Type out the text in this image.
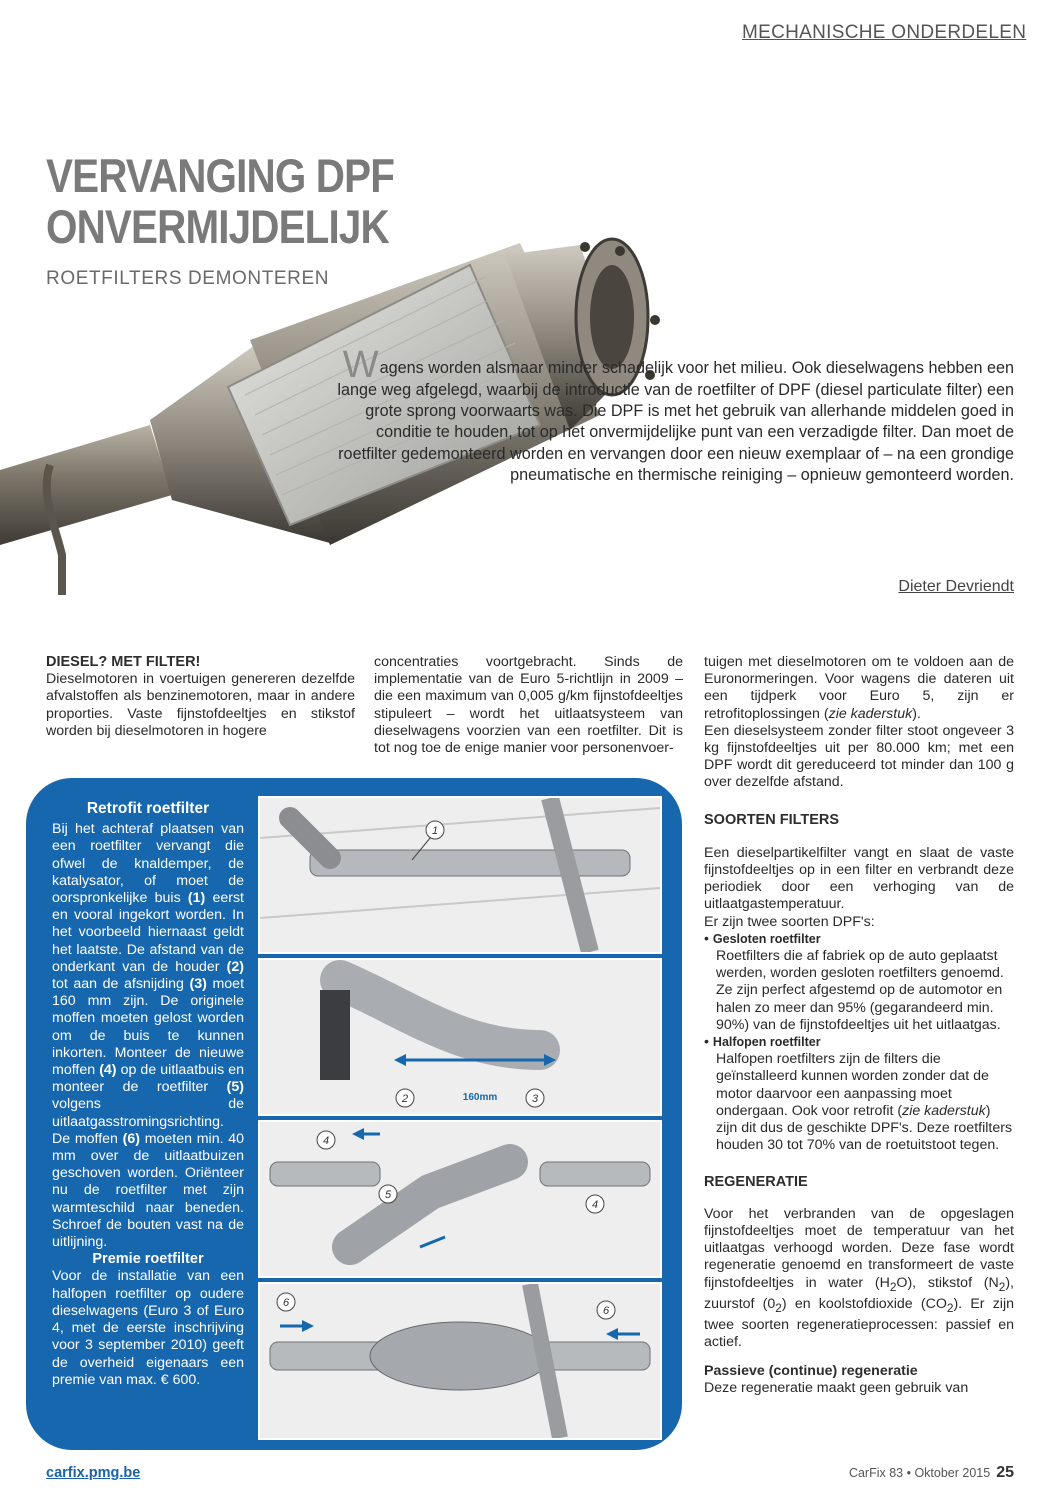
MECHANISCHE ONDERDELEN
VERVANGING DPF
ONVERMIJDELIJK
ROETFILTERS DEMONTEREN
Wagens worden alsmaar minder schadelijk voor het milieu. Ook dieselwagens hebben een lange weg afgelegd, waarbij de introductie van de roetfilter of DPF (diesel particulate filter) een grote sprong voorwaarts was. Die DPF is met het gebruik van allerhande middelen goed in conditie te houden, tot op het onvermijdelijke punt van een verzadigde filter. Dan moet de roetfilter gedemonteerd worden en vervangen door een nieuw exemplaar of – na een grondige pneumatische en thermische reiniging – opnieuw gemonteerd worden.
Dieter Devriendt

DIESEL? MET FILTER!

Dieselmotoren in voertuigen genereren dezelfde afvalstoffen als benzinemotoren, maar in andere proporties. Vaste fijnstofdeeltjes en stikstof worden bij dieselmotoren in hogere

concentraties voortgebracht. Sinds de implementatie van de Euro 5-richtlijn in 2009 – die een maximum van 0,005 g/km fijnstofdeeltjes stipuleert – wordt het uitlaatsysteem van dieselwagens voorzien van een roetfilter. Dit is tot nog toe de enige manier voor personenvoer-

tuigen met dieselmotoren om te voldoen aan de Euronormeringen. Voor wagens die dateren uit een tijdperk voor Euro 5, zijn er retrofitoplossingen (zie kaderstuk).

Een dieselsysteem zonder filter stoot ongeveer 3 kg fijnstofdeeltjes uit per 80.000 km; met een DPF wordt dit gereduceerd tot minder dan 100 g over dezelfde afstand.

SOORTEN FILTERS

Een dieselpartikelfilter vangt en slaat de vaste fijnstofdeeltjes op in een filter en verbrandt deze periodiek door een verhoging van de uitlaatgastemperatuur.

Er zijn twee soorten DPF's:

• Gesloten roetfilter

Roetfilters die af fabriek op de auto geplaatst werden, worden gesloten roetfilters genoemd. Ze zijn perfect afgestemd op de automotor en halen zo meer dan 95% (gegarandeerd min. 90%) van de fijnstofdeeltjes uit het uitlaatgas.

• Halfopen roetfilter

Halfopen roetfilters zijn de filters die geïnstalleerd kunnen worden zonder dat de motor daarvoor een aanpassing moet ondergaan. Ook voor retrofit (zie kaderstuk) zijn dit dus de geschikte DPF's. Deze roetfilters houden 30 tot 70% van de roetuitstoot tegen.

REGENERATIE

Voor het verbranden van de opgeslagen fijnstofdeeltjes moet de temperatuur van het uitlaatgas verhoogd worden. Deze fase wordt regeneratie genoemd en transformeert de vaste fijnstofdeeltjes in water $(H_2O)$, stikstof $(N_2)$, zuurstof $(0_2)$ en koolstofdioxide $(CO_2)$. Er zijn twee soorten regeneratieprocessen: passief en actief.

Passieve (continue) regeneratie

Deze regeneratie maakt geen gebruik van

Retrofit roetfilter

Bij het achteraf plaatsen van een roetfilter vervangt die ofwel de knaldemper, de katalysator, of moet de oorspronkelijke buis (1) eerst en vooral ingekort worden. In het voorbeeld hiernaast geldt het laatste. De afstand van de onderkant van de houder (2) tot aan de afsnijding (3) moet 160 mm zijn. De originele moffen moeten gelost worden om de buis te kunnen inkorten. Monteer de nieuwe moffen (4) op de uitlaatbuis en monteer de roetfilter (5) volgens de uitlaatgasstromingsrichting. De moffen (6) moeten min. 40 mm over de uitlaatbuizen geschoven worden. Oriënteer nu de roetfilter met zijn warmteschild naar beneden. Schroef de bouten vast na de uitlijning.

Premie roetfilter

Voor de installatie van een halfopen roetfilter op oudere dieselwagens (Euro 3 of Euro 4, met de eerste inschrijving voor 3 september 2010) geeft de overheid eigenaars een premie van max. € 600.

1
160mm
2	3
4
5
4
6
6
carfix.pmg.be	CarFix 83 • Oktober 2015 25
